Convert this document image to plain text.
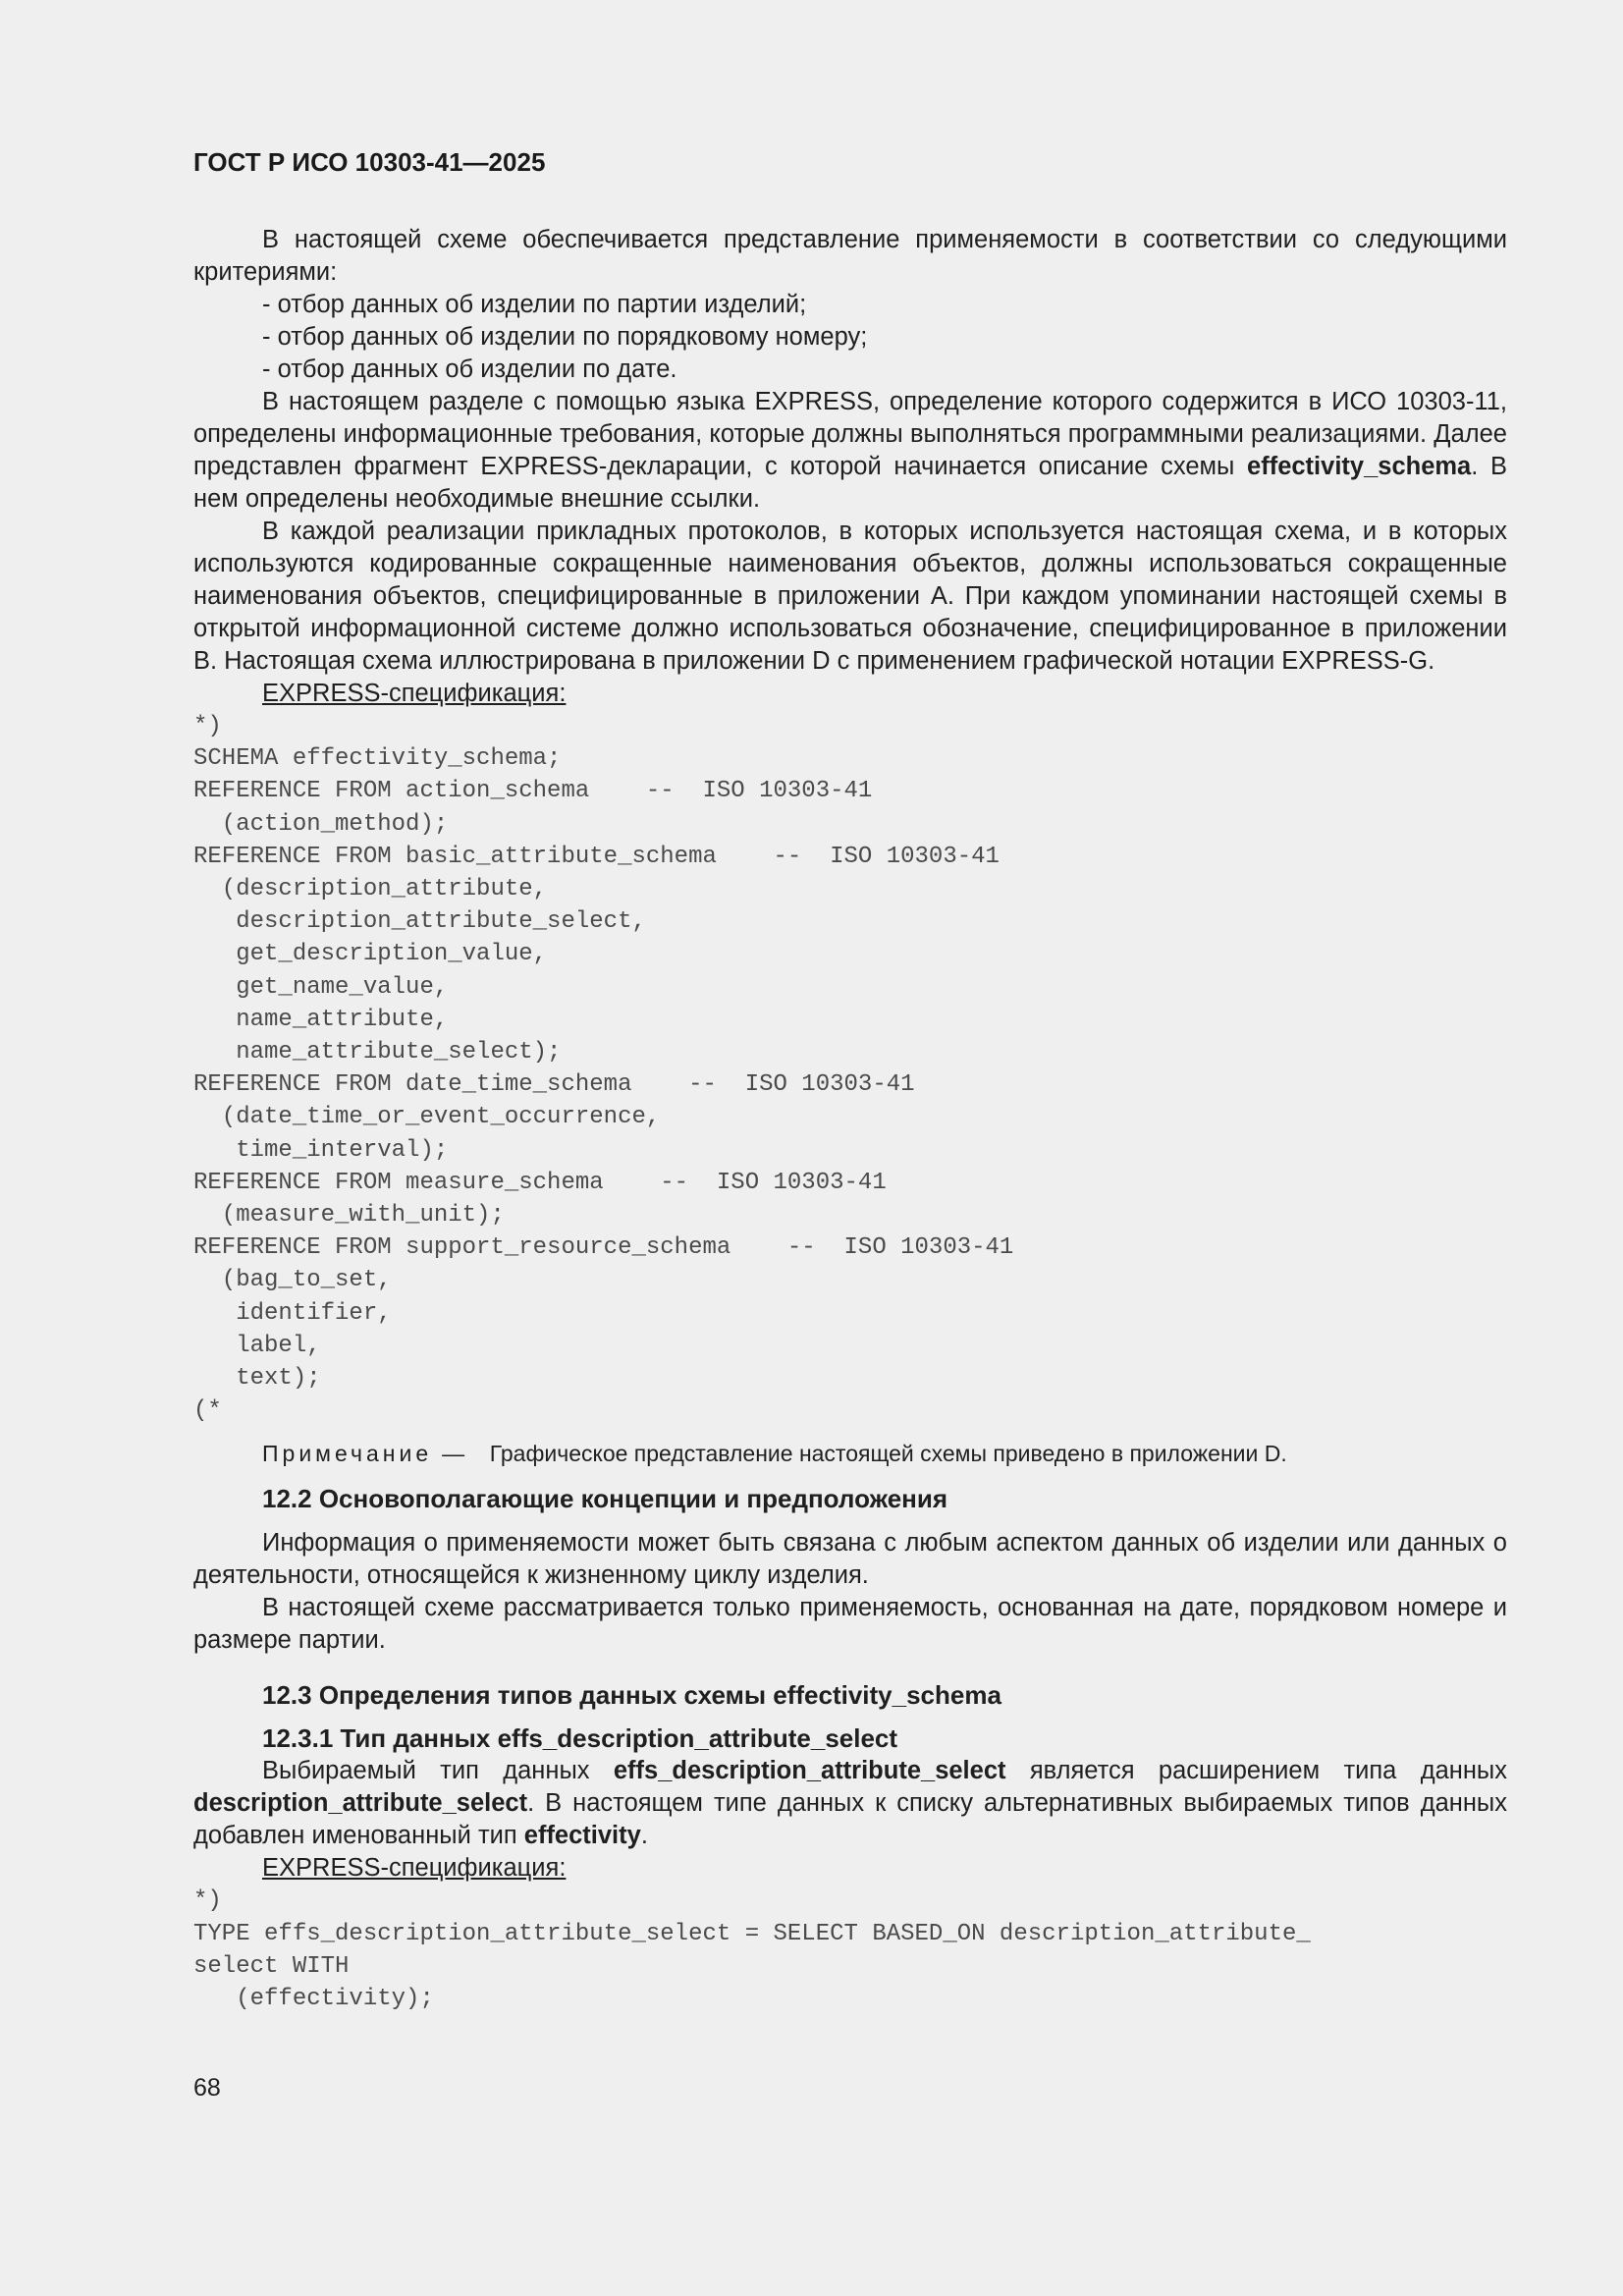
ГОСТ Р ИСО 10303-41—2025

В настоящей схеме обеспечивается представление применяемости в соответствии со следующими критериями:

- отбор данных об изделии по партии изделий;

- отбор данных об изделии по порядковому номеру;

- отбор данных об изделии по дате.

В настоящем разделе с помощью языка EXPRESS, определение которого содержится в ИСО 10303-11, определены информационные требования, которые должны выполняться программными реализациями. Далее представлен фрагмент EXPRESS-декларации, с которой начинается описание схемы effectivity_schema. В нем определены необходимые внешние ссылки.

В каждой реализации прикладных протоколов, в которых используется настоящая схема, и в которых используются кодированные сокращенные наименования объектов, должны использоваться сокращенные наименования объектов, специфицированные в приложении A. При каждом упоминании настоящей схемы в открытой информационной системе должно использоваться обозначение, специфицированное в приложении B. Настоящая схема иллюстрирована в приложении D с применением графической нотации EXPRESS-G.

EXPRESS-спецификация:

*)
SCHEMA effectivity_schema;
REFERENCE FROM action_schema    --  ISO 10303-41
(action_method);
REFERENCE FROM basic_attribute_schema    --  ISO 10303-41
(description_attribute,
description_attribute_select,
get_description_value,
get_name_value,
name_attribute,
name_attribute_select);
REFERENCE FROM date_time_schema    --  ISO 10303-41
(date_time_or_event_occurrence,
time_interval);
REFERENCE FROM measure_schema    --  ISO 10303-41
(measure_with_unit);
REFERENCE FROM support_resource_schema    --  ISO 10303-41
(bag_to_set,
identifier,
label,
text);
(*

Примечание — Графическое представление настоящей схемы приведено в приложении D.

12.2 Основополагающие концепции и предположения

Информация о применяемости может быть связана с любым аспектом данных об изделии или данных о деятельности, относящейся к жизненному циклу изделия.

В настоящей схеме рассматривается только применяемость, основанная на дате, порядковом номере и размере партии.

12.3 Определения типов данных схемы effectivity_schema
12.3.1 Тип данных effs_description_attribute_select

Выбираемый тип данных effs_description_attribute_select является расширением типа данных description_attribute_select. В настоящем типе данных к списку альтернативных выбираемых типов данных добавлен именованный тип effectivity.

EXPRESS-спецификация:

*)
TYPE effs_description_attribute_select = SELECT BASED_ON description_attribute_
select WITH
(effectivity);
68
